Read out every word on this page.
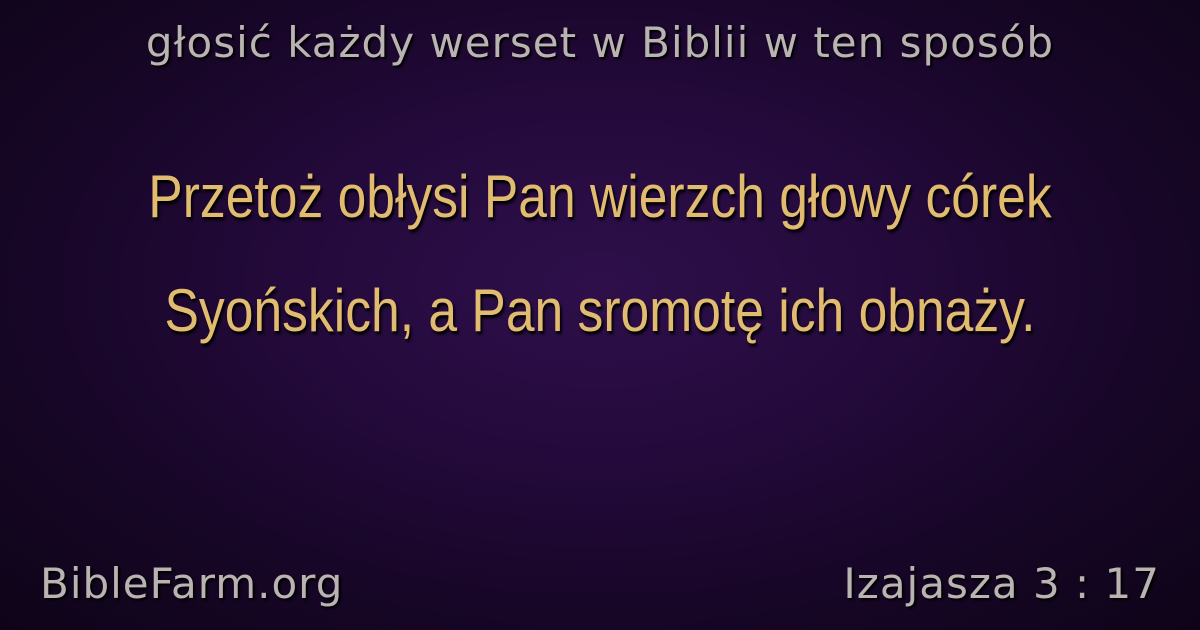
głosić każdy werset w Biblii w ten sposób
Przetoż obłysi Pan wierzch głowy córek Syońskich, a Pan sromotę ich obnaży.
BibleFarm.org	Izajasza 3 : 17
